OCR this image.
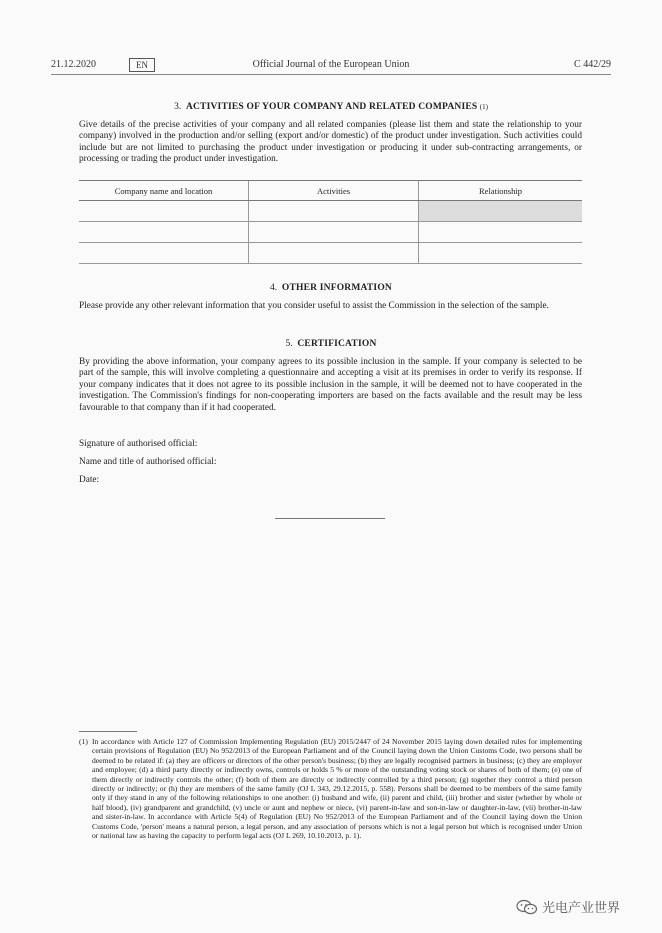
21.12.2020	EN	Official Journal of the European Union	C 442/29
3. ACTIVITIES OF YOUR COMPANY AND RELATED COMPANIES (1)
Give details of the precise activities of your company and all related companies (please list them and state the relationship to your company) involved in the production and/or selling (export and/or domestic) of the product under investigation. Such activities could include but are not limited to purchasing the product under investigation or producing it under sub-contracting arrangements, or processing or trading the product under investigation.
Company name and location	Activities	Relationship

4. OTHER INFORMATION
Please provide any other relevant information that you consider useful to assist the Commission in the selection of the sample.
5. CERTIFICATION
By providing the above information, your company agrees to its possible inclusion in the sample. If your company is selected to be part of the sample, this will involve completing a questionnaire and accepting a visit at its premises in order to verify its response. If your company indicates that it does not agree to its possible inclusion in the sample, it will be deemed not to have cooperated in the investigation. The Commission's findings for non-cooperating importers are based on the facts available and the result may be less favourable to that company than if it had cooperated.
Signature of authorised official:
Name and title of authorised official:
Date:
(1) In accordance with Article 127 of Commission Implementing Regulation (EU) 2015/2447 of 24 November 2015 laying down detailed rules for implementing certain provisions of Regulation (EU) No 952/2013 of the European Parliament and of the Council laying down the Union Customs Code, two persons shall be deemed to be related if: (a) they are officers or directors of the other person's business; (b) they are legally recognised partners in business; (c) they are employer and employee; (d) a third party directly or indirectly owns, controls or holds 5 % or more of the outstanding voting stock or shares of both of them; (e) one of them directly or indirectly controls the other; (f) both of them are directly or indirectly controlled by a third person; (g) together they control a third person directly or indirectly; or (h) they are members of the same family (OJ L 343, 29.12.2015, p. 558). Persons shall be deemed to be members of the same family only if they stand in any of the following relationships to one another: (i) husband and wife, (ii) parent and child, (iii) brother and sister (whether by whole or half blood), (iv) grandparent and grandchild, (v) uncle or aunt and nephew or niece, (vi) parent-in-law and son-in-law or daughter-in-law, (vii) brother-in-law and sister-in-law. In accordance with Article 5(4) of Regulation (EU) No 952/2013 of the European Parliament and of the Council laying down the Union Customs Code, 'person' means a natural person, a legal person, and any association of persons which is not a legal person but which is recognised under Union or national law as having the capacity to perform legal acts (OJ L 269, 10.10.2013, p. 1).
光电产业世界
